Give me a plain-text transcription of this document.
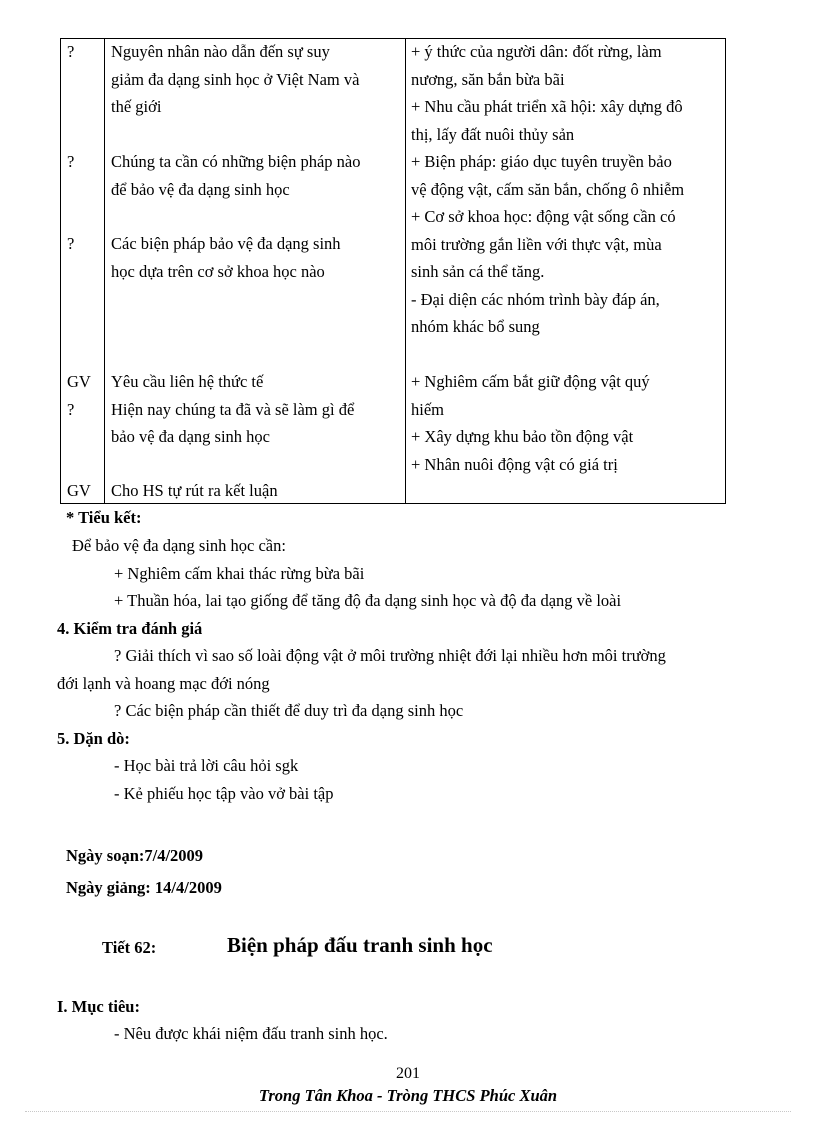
? Nguyên nhân nào dẫn đến sự suy
giảm đa dạng sinh học ở Việt Nam và
thế giới
+ ý thức của người dân: đốt rừng, làm
nương, săn bắn bừa bãi
+ Nhu cầu phát triển xã hội: xây dựng đô
thị, lấy đất nuôi thủy sản
? Chúng ta cần có những biện pháp nào
để bảo vệ đa dạng sinh học
+ Biện pháp: giáo dục tuyên truyền bảo
vệ động vật, cấm săn bắn, chống ô nhiễm
+ Cơ sở khoa học: động vật sống cần có
môi trường gắn liền với thực vật, mùa
sinh sản cá thể tăng.
- Đại diện các nhóm trình bày đáp án,
nhóm khác bổ sung
? Các biện pháp bảo vệ đa dạng sinh
học dựa trên cơ sở khoa học nào
GV
?
Yêu cầu liên hệ thức tế
Hiện nay chúng ta đã và sẽ làm gì để
bảo vệ đa dạng sinh học
+ Nghiêm cấm bắt giữ động vật quý
hiếm
+ Xây dựng khu bảo tồn động vật
+ Nhân nuôi động vật có giá trị
GV Cho HS tự rút ra kết luận
* Tiểu kết:
Để bảo vệ đa dạng sinh học cần:
+ Nghiêm cấm khai thác rừng bừa bãi
+ Thuần hóa, lai tạo giống để tăng độ đa dạng sinh học và độ đa dạng về loài
4. Kiểm tra đánh giá
? Giải thích vì sao số loài động vật ở môi trường nhiệt đới lại nhiều hơn môi trường
đới lạnh và hoang mạc đới nóng
? Các biện pháp cần thiết để duy trì đa dạng sinh học
5. Dặn dò:
- Học bài trả lời câu hỏi sgk
- Kẻ phiếu học tập vào vở bài tập
Ngày soạn:7/4/2009
Ngày giảng: 14/4/2009
Tiết 62:	Biện pháp đấu tranh sinh học
I. Mục tiêu:
- Nêu được khái niệm đấu tranh sinh học.
201
Trong Tân Khoa - Tròng THCS Phúc Xuân
